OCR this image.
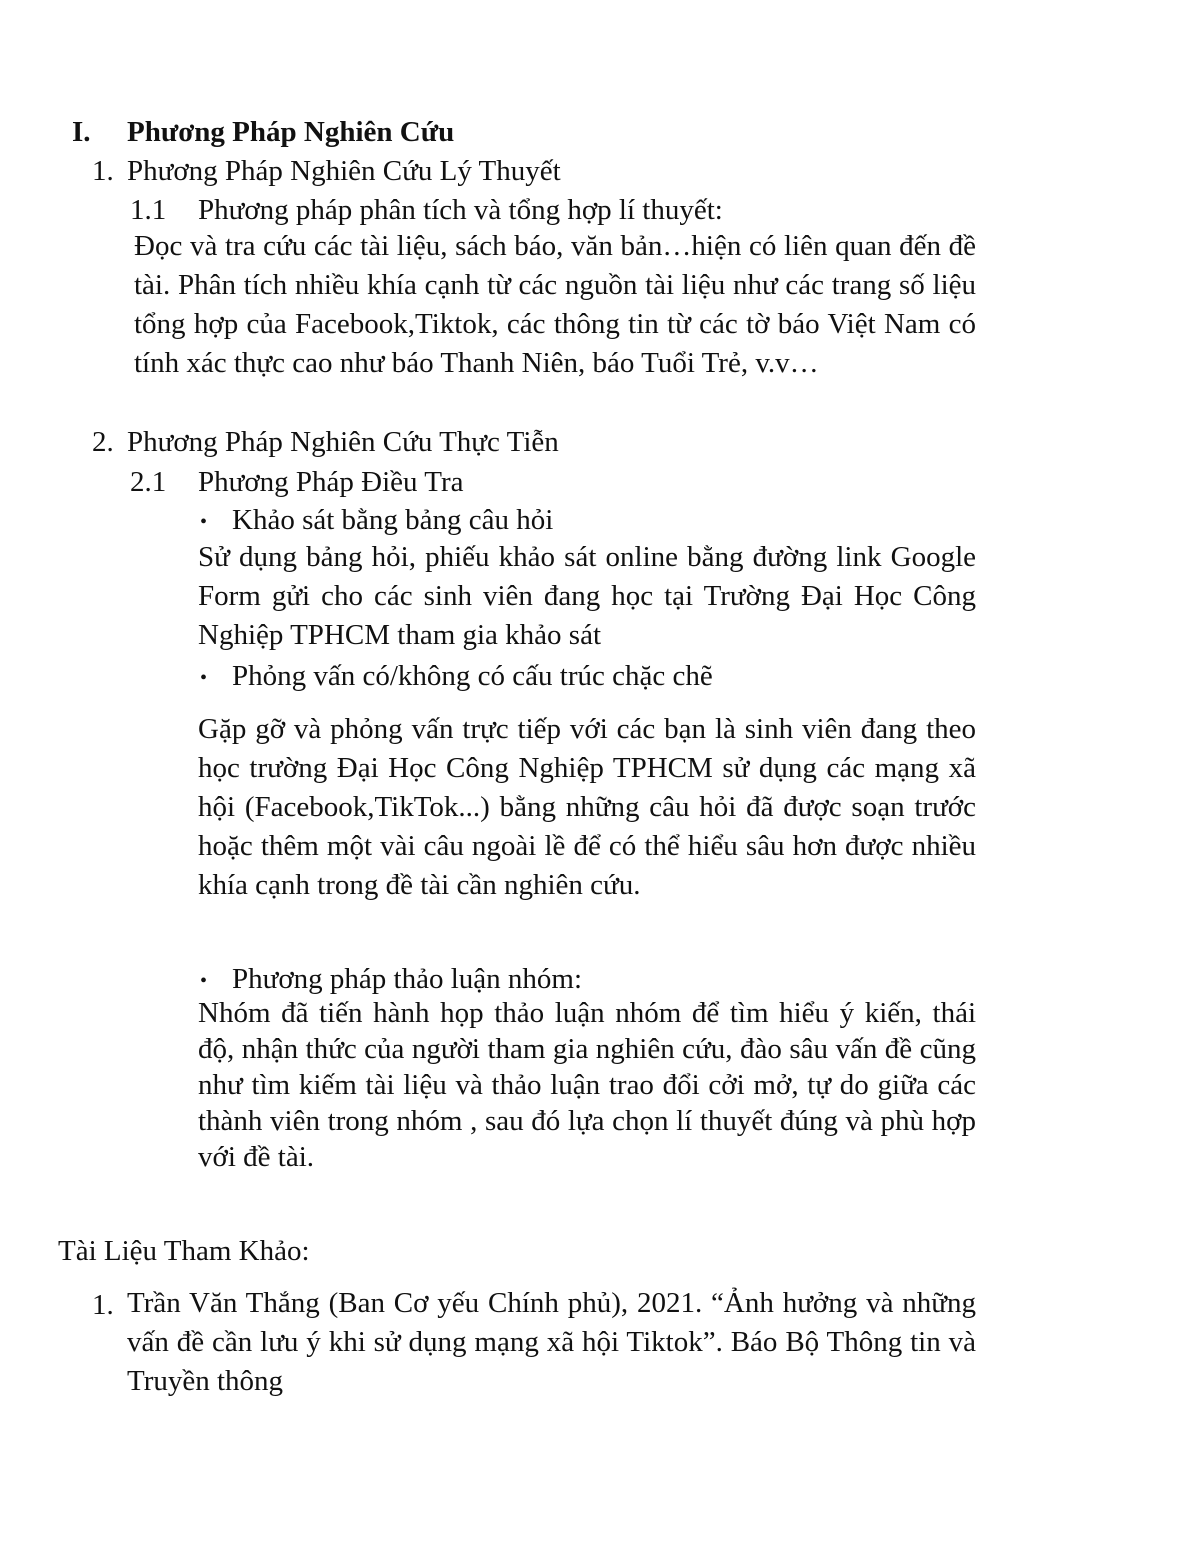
I. Phương Pháp Nghiên Cứu
1. Phương Pháp Nghiên Cứu Lý Thuyết
1.1 Phương pháp phân tích và tổng hợp lí thuyết:
Đọc và tra cứu các tài liệu, sách báo, văn bản…hiện có liên quan đến đề tài. Phân tích nhiều khía cạnh từ các nguồn tài liệu như các trang số liệu tổng hợp của Facebook,Tiktok, các thông tin từ các tờ báo Việt Nam có tính xác thực cao như báo Thanh Niên, báo Tuổi Trẻ, v.v…
2. Phương Pháp Nghiên Cứu Thực Tiễn
2.1 Phương Pháp Điều Tra
• Khảo sát bằng bảng câu hỏi
Sử dụng bảng hỏi, phiếu khảo sát online bằng đường link Google Form gửi cho các sinh viên đang học tại Trường Đại Học Công Nghiệp TPHCM tham gia khảo sát
• Phỏng vấn có/không có cấu trúc chặc chẽ
Gặp gỡ và phỏng vấn trực tiếp với các bạn là sinh viên đang theo học trường Đại Học Công Nghiệp TPHCM sử dụng các mạng xã hội (Facebook,TikTok...) bằng những câu hỏi đã được soạn trước hoặc thêm một vài câu ngoài lề để có thể hiểu sâu hơn được nhiều khía cạnh trong đề tài cần nghiên cứu.
• Phương pháp thảo luận nhóm:
Nhóm đã tiến hành họp thảo luận nhóm để tìm hiểu ý kiến, thái độ, nhận thức của người tham gia nghiên cứu, đào sâu vấn đề cũng như tìm kiếm tài liệu và thảo luận trao đổi cởi mở, tự do giữa các thành viên trong nhóm , sau đó lựa chọn lí thuyết đúng và phù hợp với đề tài.
Tài Liệu Tham Khảo:
1. Trần Văn Thắng (Ban Cơ yếu Chính phủ), 2021. “Ảnh hưởng và những vấn đề cần lưu ý khi sử dụng mạng xã hội Tiktok”. Báo Bộ Thông tin và Truyền thông
